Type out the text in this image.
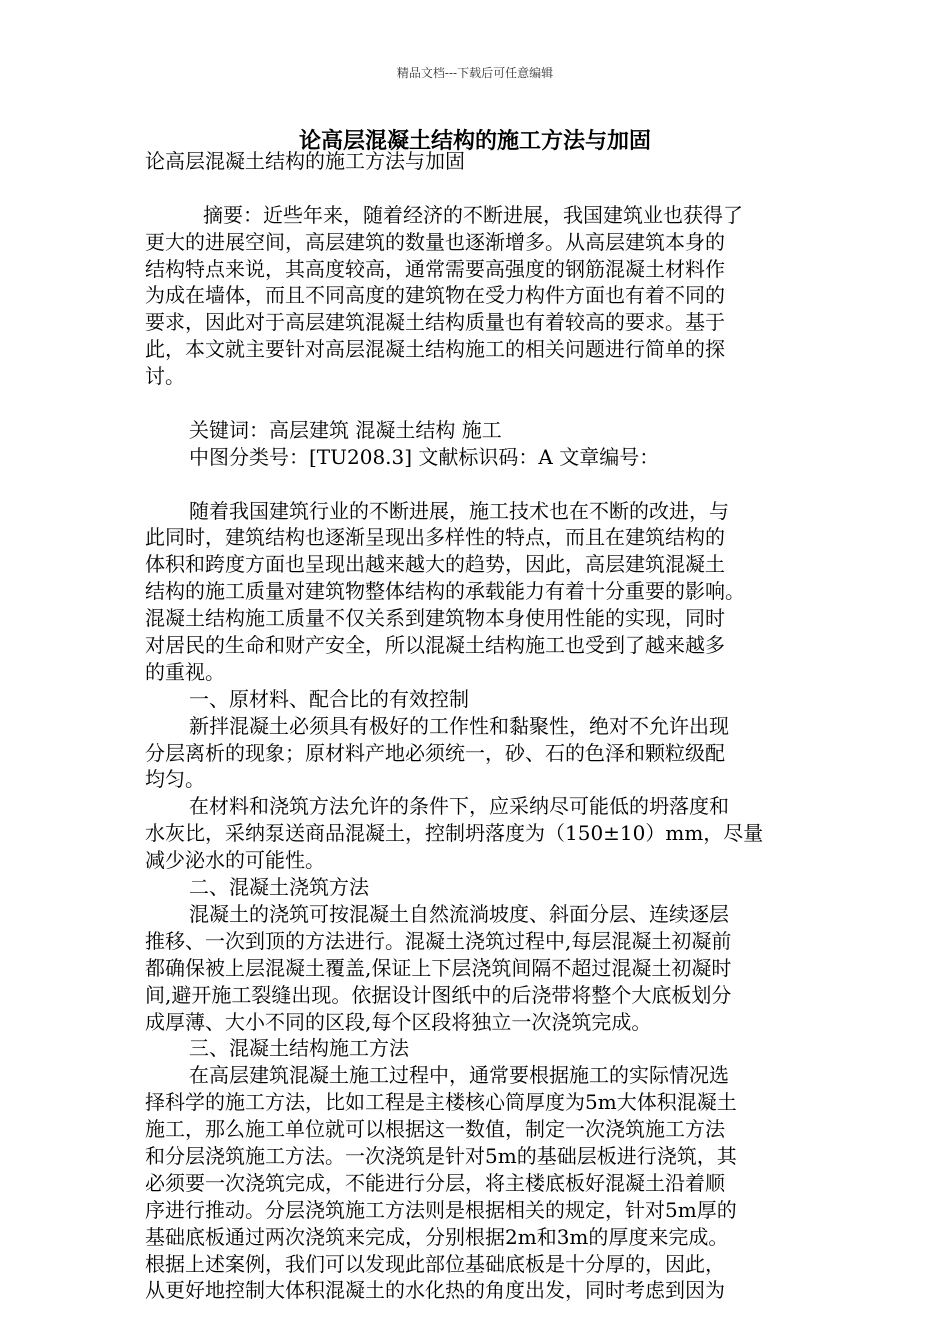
精品文档---下载后可任意编辑
论高层混凝土结构的施工方法与加固
论高层混凝土结构的施工方法与加固
摘要：近些年来，随着经济的不断进展，我国建筑业也获得了
更大的进展空间，高层建筑的数量也逐渐增多。从高层建筑本身的
结构特点来说，其高度较高，通常需要高强度的钢筋混凝土材料作
为成在墙体，而且不同高度的建筑物在受力构件方面也有着不同的
要求，因此对于高层建筑混凝土结构质量也有着较高的要求。基于
此，本文就主要针对高层混凝土结构施工的相关问题进行简单的探
讨。
关键词：高层建筑 混凝土结构 施工
中图分类号：[TU208.3] 文献标识码：A 文章编号：
随着我国建筑行业的不断进展，施工技术也在不断的改进，与
此同时，建筑结构也逐渐呈现出多样性的特点，而且在建筑结构的
体积和跨度方面也呈现出越来越大的趋势，因此，高层建筑混凝土
结构的施工质量对建筑物整体结构的承载能力有着十分重要的影响。
混凝土结构施工质量不仅关系到建筑物本身使用性能的实现，同时
对居民的生命和财产安全，所以混凝土结构施工也受到了越来越多
的重视。
一、原材料、配合比的有效控制
新拌混凝土必须具有极好的工作性和黏聚性，绝对不允许出现
分层离析的现象；原材料产地必须统一，砂、石的色泽和颗粒级配
均匀。
在材料和浇筑方法允许的条件下，应采纳尽可能低的坍落度和
水灰比，采纳泵送商品混凝土，控制坍落度为（150±10）mm，尽量
减少泌水的可能性。
二、混凝土浇筑方法
混凝土的浇筑可按混凝土自然流淌坡度、斜面分层、连续逐层
推移、一次到顶的方法进行。混凝土浇筑过程中,每层混凝土初凝前
都确保被上层混凝土覆盖,保证上下层浇筑间隔不超过混凝土初凝时
间,避开施工裂缝出现。依据设计图纸中的后浇带将整个大底板划分
成厚薄、大小不同的区段,每个区段将独立一次浇筑完成。
三、混凝土结构施工方法
在高层建筑混凝土施工过程中，通常要根据施工的实际情况选
择科学的施工方法，比如工程是主楼核心筒厚度为5m大体积混凝土
施工，那么施工单位就可以根据这一数值，制定一次浇筑施工方法
和分层浇筑施工方法。一次浇筑是针对5m的基础层板进行浇筑，其
必须要一次浇筑完成，不能进行分层，将主楼底板好混凝土沿着顺
序进行推动。分层浇筑施工方法则是根据相关的规定，针对5m厚的
基础底板通过两次浇筑来完成，分别根据2m和3m的厚度来完成。
根据上述案例，我们可以发现此部位基础底板是十分厚的，因此，
从更好地控制大体积混凝土的水化热的角度出发，同时考虑到因为
